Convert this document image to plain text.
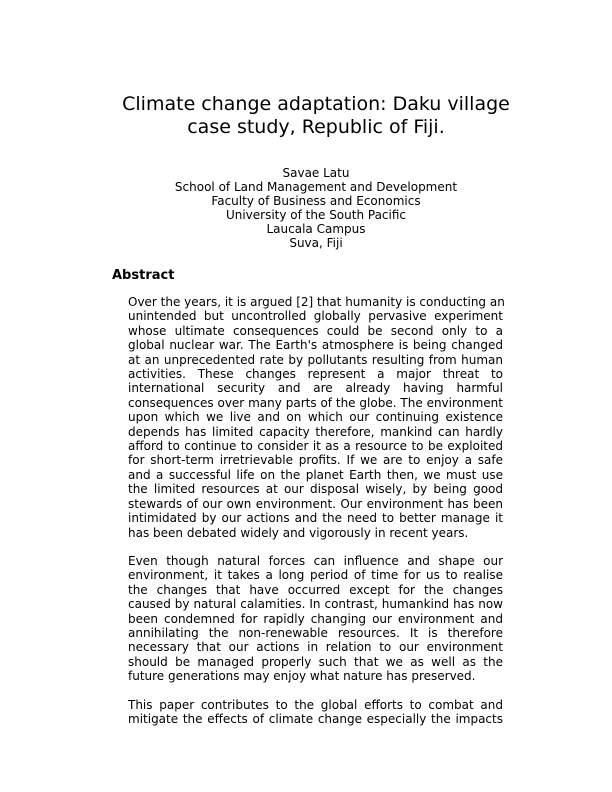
Climate change adaptation: Daku village
case study, Republic of Fiji.
Savae Latu
School of Land Management and Development
Faculty of Business and Economics
University of the South Pacific
Laucala Campus
Suva, Fiji
Abstract

Over the years, it is argued [2] that humanity is conducting an
unintended but uncontrolled globally pervasive experiment
whose ultimate consequences could be second only to a
global nuclear war. The Earth's atmosphere is being changed
at an unprecedented rate by pollutants resulting from human
activities. These changes represent a major threat to
international security and are already having harmful
consequences over many parts of the globe. The environment
upon which we live and on which our continuing existence
depends has limited capacity therefore, mankind can hardly
afford to continue to consider it as a resource to be exploited
for short-term irretrievable profits. If we are to enjoy a safe
and a successful life on the planet Earth then, we must use
the limited resources at our disposal wisely, by being good
stewards of our own environment. Our environment has been
intimidated by our actions and the need to better manage it
has been debated widely and vigorously in recent years.

Even though natural forces can influence and shape our
environment, it takes a long period of time for us to realise
the changes that have occurred except for the changes
caused by natural calamities. In contrast, humankind has now
been condemned for rapidly changing our environment and
annihilating the non-renewable resources. It is therefore
necessary that our actions in relation to our environment
should be managed properly such that we as well as the
future generations may enjoy what nature has preserved.

This paper contributes to the global efforts to combat and
mitigate the effects of climate change especially the impacts
